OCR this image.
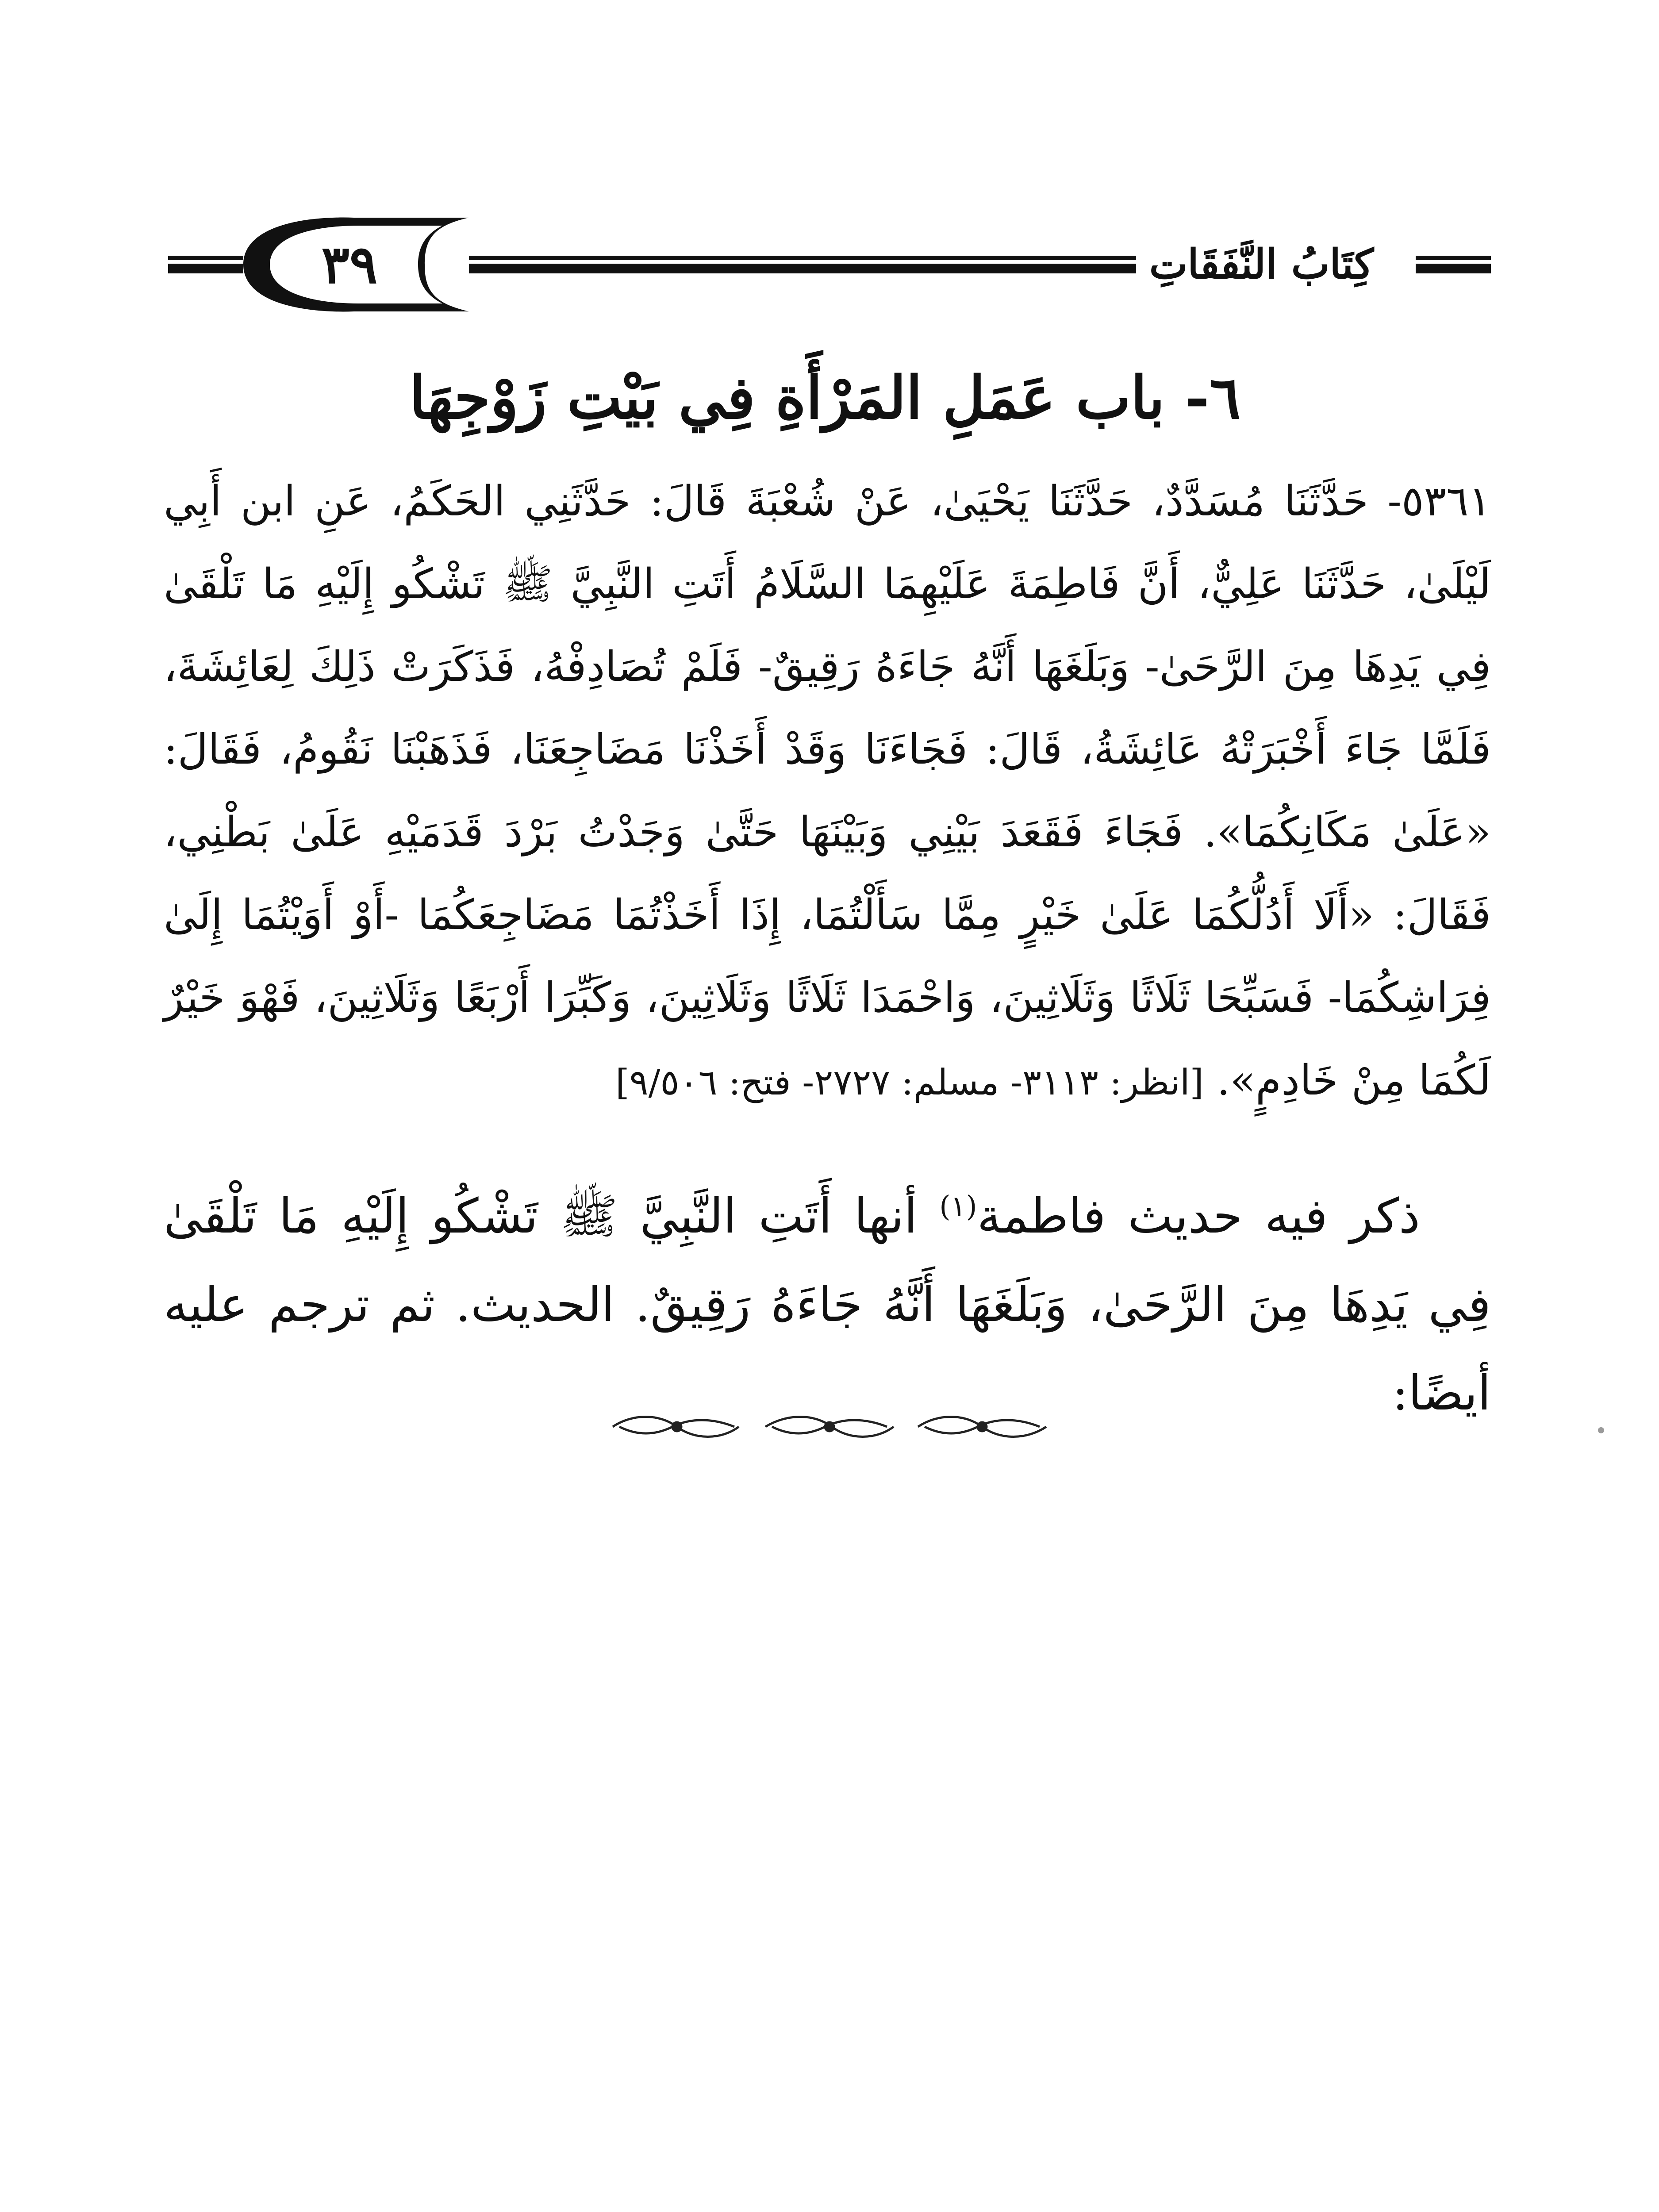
٣٩	كِتَابُ النَّفَقَاتِ
٦- باب عَمَلِ المَرْأَةِ فِي بَيْتِ زَوْجِهَا
٥٣٦١- حَدَّثَنَا مُسَدَّدٌ، حَدَّثَنَا يَحْيَىٰ، عَنْ شُعْبَةَ قَالَ: حَدَّثَنِي الحَكَمُ، عَنِ ابن أَبِي لَيْلَىٰ، حَدَّثَنَا عَلِيٌّ، أَنَّ فَاطِمَةَ عَلَيْهِمَا السَّلَامُ أَتَتِ النَّبِيَّ ﷺ تَشْكُو إِلَيْهِ مَا تَلْقَىٰ فِي يَدِهَا مِنَ الرَّحَىٰ- وَبَلَغَهَا أَنَّهُ جَاءَهُ رَقِيقٌ- فَلَمْ تُصَادِفْهُ، فَذَكَرَتْ ذَلِكَ لِعَائِشَةَ، فَلَمَّا جَاءَ أَخْبَرَتْهُ عَائِشَةُ، قَالَ: فَجَاءَنَا وَقَدْ أَخَذْنَا مَضَاجِعَنَا، فَذَهَبْنَا نَقُومُ، فَقَالَ: «عَلَىٰ مَكَانِكُمَا». فَجَاءَ فَقَعَدَ بَيْنِي وَبَيْنَهَا حَتَّىٰ وَجَدْتُ بَرْدَ قَدَمَيْهِ عَلَىٰ بَطْنِي، فَقَالَ: «أَلَا أَدُلُّكُمَا عَلَىٰ خَيْرٍ مِمَّا سَأَلْتُمَا، إِذَا أَخَذْتُمَا مَضَاجِعَكُمَا -أَوْ أَوَيْتُمَا إِلَىٰ فِرَاشِكُمَا- فَسَبِّحَا ثَلَاثًا وَثَلَاثِينَ، وَاحْمَدَا ثَلَاثًا وَثَلَاثِينَ، وَكَبِّرَا أَرْبَعًا وَثَلَاثِينَ، فَهْوَ خَيْرٌ لَكُمَا مِنْ خَادِمٍ». [انظر: ٣١١٣- مسلم: ٢٧٢٧- فتح: ٩/٥٠٦]
ذكر فيه حديث فاطمة$^{(١)}$ أنها أَتَتِ النَّبِيَّ ﷺ تَشْكُو إِلَيْهِ مَا تَلْقَىٰ فِي يَدِهَا مِنَ الرَّحَىٰ، وَبَلَغَهَا أَنَّهُ جَاءَهُ رَقِيقٌ. الحديث. ثم ترجم عليه أيضًا:
